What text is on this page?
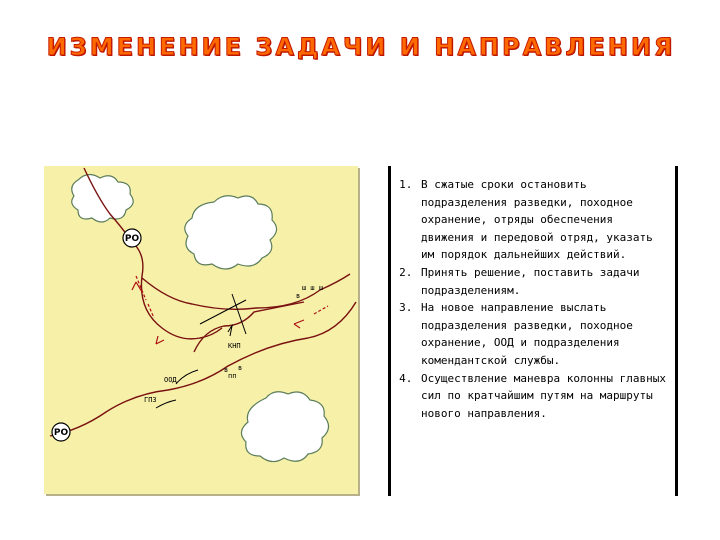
ИЗМЕНЕНИЕ ЗАДАЧИ И НАПРАВЛЕНИЯ
КНП
ООД
ГПЗ
ш ш ш
в
в в
пп
РО
РО
1. В сжатые сроки остановить подразделения разведки, походное охранение, отряды обеспечения движения и передовой отряд, указать им порядок дальнейших действий.
2. Принять решение, поставить задачи подразделениям.
3. На новое направление выслать подразделения разведки, походное охранение, ООД и подразделения комендантской службы.
4. Осуществление маневра колонны главных сил по кратчайшим путям на маршруты нового направления.
